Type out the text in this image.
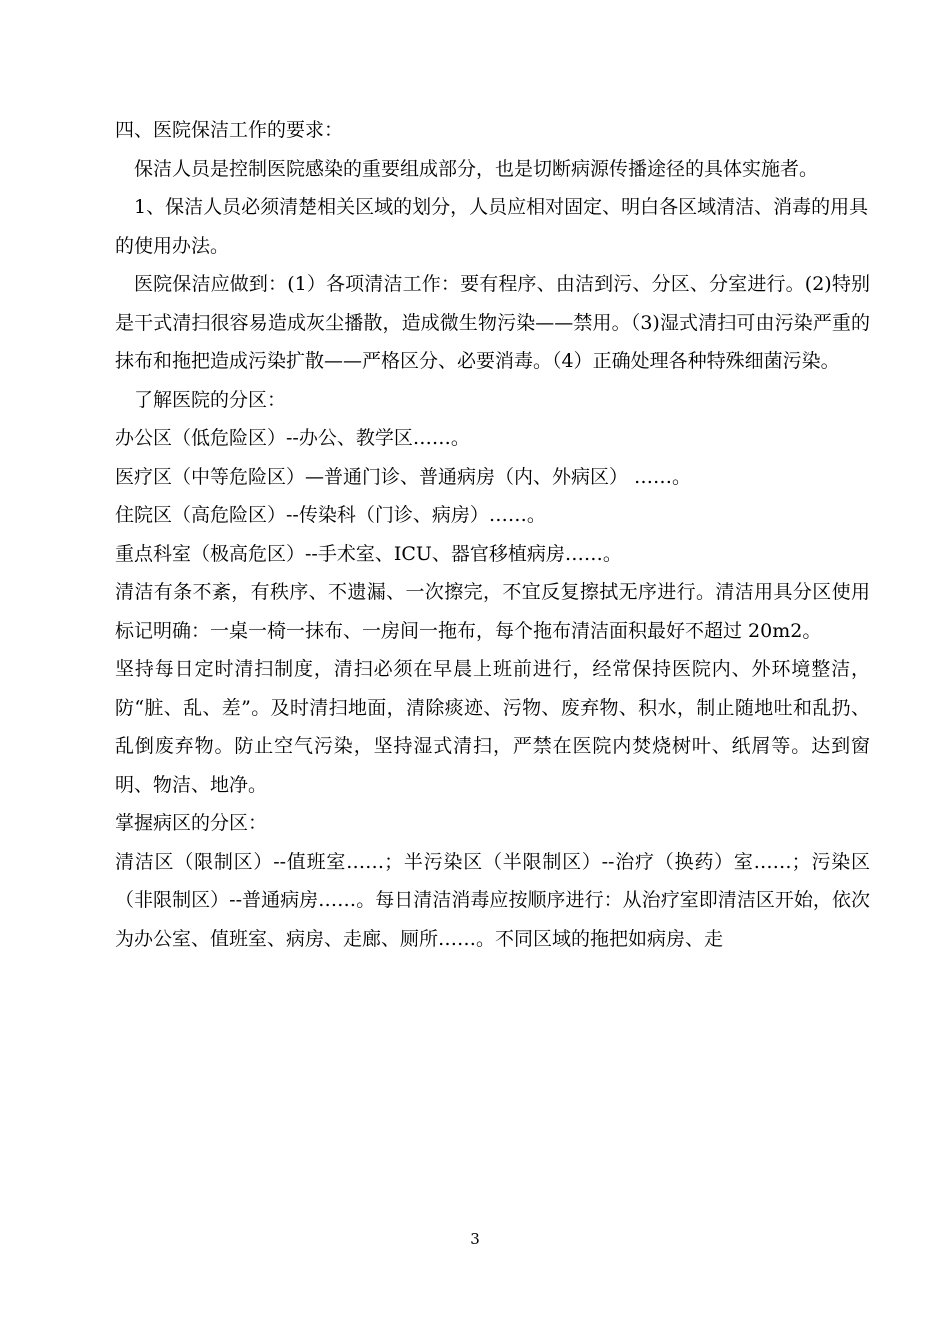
四、医院保洁工作的要求：

保洁人员是控制医院感染的重要组成部分，也是切断病源传播途径的具体实施者。

1、保洁人员必须清楚相关区域的划分，人员应相对固定、明白各区域清洁、消毒的用具

的使用办法。

医院保洁应做到：(1）各项清洁工作：要有程序、由洁到污、分区、分室进行。(2)特别是干式清扫很容易造成灰尘播散，造成微生物污染——禁用。（3)湿式清扫可由污染严重的抹布和拖把造成污染扩散——严格区分、必要消毒。（4）正确处理各种特殊细菌污染。

了解医院的分区：

办公区（低危险区）--办公、教学区……。

医疗区（中等危险区）—普通门诊、普通病房（内、外病区） ……。

住院区（高危险区）--传染科（门诊、病房）……。

重点科室（极高危区）--手术室、ICU、器官移植病房……。

清洁有条不紊，有秩序、不遗漏、一次擦完，不宜反复擦拭无序进行。清洁用具分区使用标记明确：一桌一椅一抹布、一房间一拖布，每个拖布清洁面积最好不超过 20m2。

坚持每日定时清扫制度，清扫必须在早晨上班前进行，经常保持医院内、外环境整洁，防“脏、乱、差”。及时清扫地面，清除痰迹、污物、废弃物、积水，制止随地吐和乱扔、乱倒废弃物。防止空气污染，坚持湿式清扫，严禁在医院内焚烧树叶、纸屑等。达到窗明、物洁、地净。

掌握病区的分区：

清洁区（限制区）--值班室……；半污染区（半限制区）--治疗（换药）室……；污染区（非限制区）--普通病房……。每日清洁消毒应按顺序进行：从治疗室即清洁区开始，依次为办公室、值班室、病房、走廊、厕所……。不同区域的拖把如病房、走

3
